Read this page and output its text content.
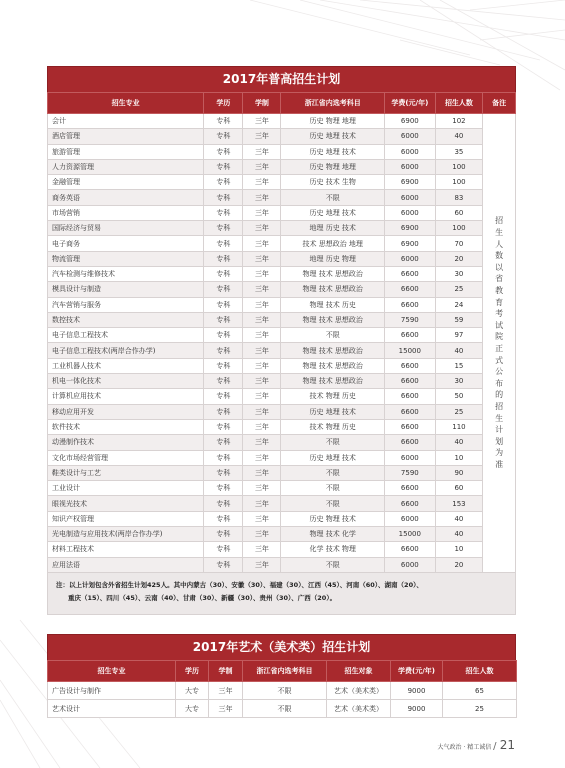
2017年普高招生计划
招生专业	学历	学制	浙江省内选考科目	学费(元/年)	招生人数	备注
会计	专科	三年	历史 物理 地理	6900	102	招生人数以省教育考试院正式公布的招生计划为准

酒店管理	专科	三年	历史 地理 技术	6000	40	
旅游管理	专科	三年	历史 地理 技术	6000	35	
人力资源管理	专科	三年	历史 物理 地理	6000	100	
金融管理	专科	三年	历史 技术 生物	6900	100	
商务英语	专科	三年	不限	6000	83	
市场营销	专科	三年	历史 地理 技术	6000	60	
国际经济与贸易	专科	三年	地理 历史 技术	6900	100	
电子商务	专科	三年	技术 思想政治 地理	6900	70	
物流管理	专科	三年	地理 历史 物理	6000	20	
汽车检测与维修技术	专科	三年	物理 技术 思想政治	6600	30	
模具设计与制造	专科	三年	物理 技术 思想政治	6600	25	
汽车营销与服务	专科	三年	物理 技术 历史	6600	24	
数控技术	专科	三年	物理 技术 思想政治	7590	59	
电子信息工程技术	专科	三年	不限	6600	97	
电子信息工程技术(两岸合作办学)	专科	三年	物理 技术 思想政治	15000	40	
工业机器人技术	专科	三年	物理 技术 思想政治	6600	15	
机电一体化技术	专科	三年	物理 技术 思想政治	6600	30	
计算机应用技术	专科	三年	技术 物理 历史	6600	50	
移动应用开发	专科	三年	历史 地理 技术	6600	25	
软件技术	专科	三年	技术 物理 历史	6600	110	
动漫制作技术	专科	三年	不限	6600	40	
文化市场经营管理	专科	三年	历史 地理 技术	6000	10	
鞋类设计与工艺	专科	三年	不限	7590	90	
工业设计	专科	三年	不限	6600	60	
眼视光技术	专科	三年	不限	6600	153	
知识产权管理	专科	三年	历史 物理 技术	6000	40	
光电制造与应用技术(两岸合作办学)	专科	三年	物理 技术 化学	15000	40	
材料工程技术	专科	三年	化学 技术 物理	6600	10	
应用法语	专科	三年	不限	6000	20	
注：以上计划包含外省招生计划425人。其中内蒙古（30）、安徽（30）、福建（30）、江西（45）、河南（60）、湖南（20）、
重庆（15）、四川（45）、云南（40）、甘肃（30）、新疆（30）、贵州（30）、广西（20）。
2017年艺术（美术类）招生计划
招生专业	学历	学制	浙江省内选考科目	招生对象	学费(元/年)	招生人数
广告设计与制作	大专	三年	不限	艺术（美术类）	9000	65
艺术设计	大专	三年	不限	艺术（美术类）	9000	25
大气政治 · 精工诚信 / 21
